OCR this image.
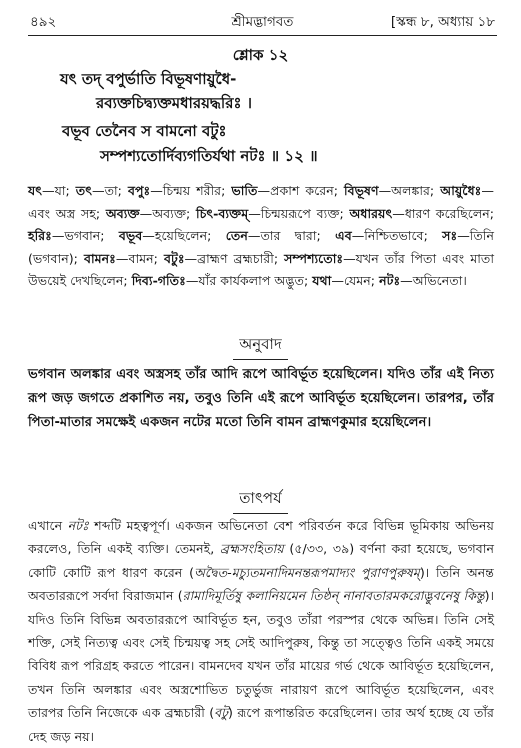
৪৯২	শ্রীমদ্ভাগবত	[স্কন্ধ ৮, অধ্যায় ১৮
শ্লোক ১২
যৎ তদ্ বপুর্ভাতি বিভূষণায়ুধৈ-
রব্যক্তচিদ্ব্যক্তমধারয়দ্ধরিঃ ।
বভূব তেনৈব স বামনো বটুঃ
সম্পশ্যতোর্দিব্যগতির্যথা নটঃ ॥ ১২ ॥
যৎ—যা; তৎ—তা; বপুঃ—চিন্ময় শরীর; ভাতি—প্রকাশ করেন; বিভূষণ—অলঙ্কার; আয়ুধৈঃ—এবং অস্ত্র সহ; অব্যক্ত—অব্যক্ত; চিৎ-ব্যক্তম্—চিন্ময়রূপে ব্যক্ত; অধারয়ৎ—ধারণ করেছিলেন; হরিঃ—ভগবান; বভূব—হয়েছিলেন; তেন—তার দ্বারা; এব—নিশ্চিতভাবে; সঃ—তিনি (ভগবান); বামনঃ—বামন; বটুঃ—ব্রাহ্মণ ব্রহ্মচারী; সম্পশ্যতোঃ—যখন তাঁর পিতা এবং মাতা উভয়েই দেখছিলেন; দিব্য-গতিঃ—যাঁর কার্যকলাপ অদ্ভুত; যথা—যেমন; নটঃ—অভিনেতা।
অনুবাদ
ভগবান অলঙ্কার এবং অস্ত্রসহ তাঁর আদি রূপে আবির্ভূত হয়েছিলেন। যদিও তাঁর এই নিত্য রূপ জড় জগতে প্রকাশিত নয়, তবুও তিনি এই রূপে আবির্ভূত হয়েছিলেন। তারপর, তাঁর পিতা-মাতার সমক্ষেই একজন নটের মতো তিনি বামন ব্রাহ্মণকুমার হয়েছিলেন।
তাৎপর্য
এখানে নটঃ শব্দটি মহত্বপূর্ণ। একজন অভিনেতা বেশ পরিবর্তন করে বিভিন্ন ভূমিকায় অভিনয় করলেও, তিনি একই ব্যক্তি। তেমনই, ব্রহ্মসংহিতায় (৫/৩৩, ৩৯) বর্ণনা করা হয়েছে, ভগবান কোটি কোটি রূপ ধারণ করেন (অদ্বৈত-মচ্যুতমনাদিমনন্তরূপমাদ্যং পুরাণপুরুষম্)। তিনি অনন্ত অবতাররূপে সর্বদা বিরাজমান (রামাদিমূর্তিষু কলানিয়মেন তিষ্ঠন্ নানাবতারমকরোদ্ভুবনেষু কিন্তু)। যদিও তিনি বিভিন্ন অবতাররূপে আবির্ভূত হন, তবুও তাঁরা পরস্পর থেকে অভিন্ন। তিনি সেই শক্তি, সেই নিত্যত্ব এবং সেই চিন্ময়ত্ব সহ সেই আদিপুরুষ, কিন্তু তা সত্ত্বেও তিনি একই সময়ে বিবিধ রূপ পরিগ্রহ করতে পারেন। বামনদেব যখন তাঁর মায়ের গর্ভ থেকে আবির্ভূত হয়েছিলেন, তখন তিনি অলঙ্কার এবং অস্ত্রশোভিত চতুর্ভুজ নারায়ণ রূপে আবির্ভূত হয়েছিলেন, এবং তারপর তিনি নিজেকে এক ব্রহ্মচারী (বটু) রূপে রূপান্তরিত করেছিলেন। তার অর্থ হচ্ছে যে তাঁর দেহ জড় নয়।
